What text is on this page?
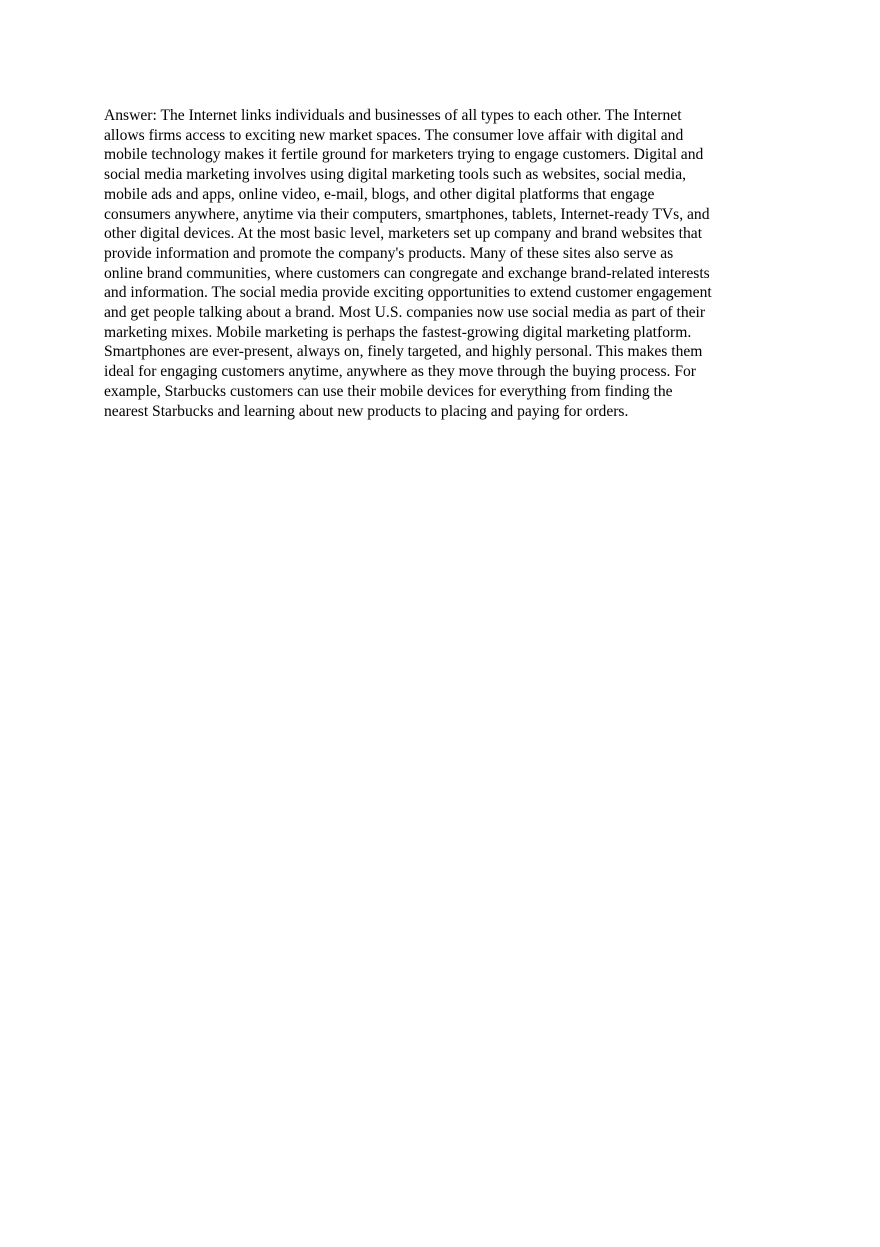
Answer: The Internet links individuals and businesses of all types to each other. The Internet
allows firms access to exciting new market spaces. The consumer love affair with digital and
mobile technology makes it fertile ground for marketers trying to engage customers. Digital and
social media marketing involves using digital marketing tools such as websites, social media,
mobile ads and apps, online video, e-mail, blogs, and other digital platforms that engage
consumers anywhere, anytime via their computers, smartphones, tablets, Internet-ready TVs, and
other digital devices. At the most basic level, marketers set up company and brand websites that
provide information and promote the company's products. Many of these sites also serve as
online brand communities, where customers can congregate and exchange brand-related interests
and information. The social media provide exciting opportunities to extend customer engagement
and get people talking about a brand. Most U.S. companies now use social media as part of their
marketing mixes. Mobile marketing is perhaps the fastest-growing digital marketing platform.
Smartphones are ever-present, always on, finely targeted, and highly personal. This makes them
ideal for engaging customers anytime, anywhere as they move through the buying process. For
example, Starbucks customers can use their mobile devices for everything from finding the
nearest Starbucks and learning about new products to placing and paying for orders.
